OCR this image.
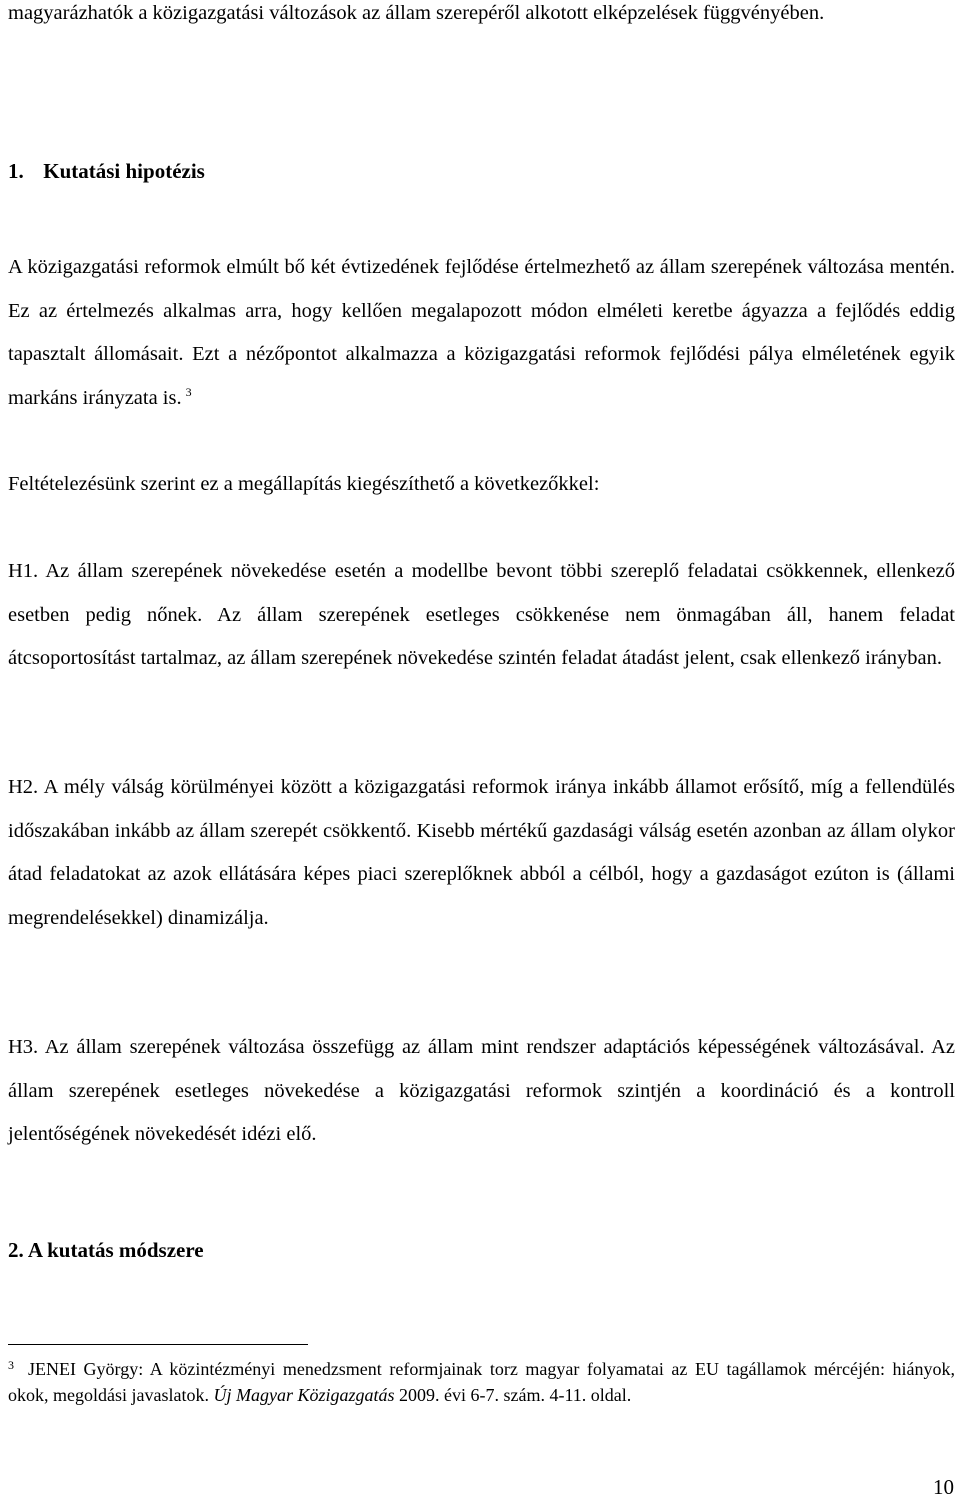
magyarázhatók a közigazgatási változások az állam szerepéről alkotott elképzelések függvényében.

1. Kutatási hipotézis

A közigazgatási reformok elmúlt bő két évtizedének fejlődése értelmezhető az állam szerepének változása mentén. Ez az értelmezés alkalmas arra, hogy kellően megalapozott módon elméleti keretbe ágyazza a fejlődés eddig tapasztalt állomásait. Ezt a nézőpontot alkalmazza a közigazgatási reformok fejlődési pálya elméletének egyik markáns irányzata is. $^3$

Feltételezésünk szerint ez a megállapítás kiegészíthető a következőkkel:

H1. Az állam szerepének növekedése esetén a modellbe bevont többi szereplő feladatai csökkennek, ellenkező esetben pedig nőnek. Az állam szerepének esetleges csökkenése nem önmagában áll, hanem feladat átcsoportosítást tartalmaz, az állam szerepének növekedése szintén feladat átadást jelent, csak ellenkező irányban.

H2. A mély válság körülményei között a közigazgatási reformok iránya inkább államot erősítő, míg a fellendülés időszakában inkább az állam szerepét csökkentő. Kisebb mértékű gazdasági válság esetén azonban az állam olykor átad feladatokat az azok ellátására képes piaci szereplőknek abból a célból, hogy a gazdaságot ezúton is (állami megrendelésekkel) dinamizálja.

H3. Az állam szerepének változása összefügg az állam mint rendszer adaptációs képességének változásával. Az állam szerepének esetleges növekedése a közigazgatási reformok szintjén a koordináció és a kontroll jelentőségének növekedését idézi elő.

2. A kutatás módszere

$^3$ JENEI György: A közintézményi menedzsment reformjainak torz magyar folyamatai az EU tagállamok mércéjén: hiányok, okok, megoldási javaslatok. Új Magyar Közigazgatás 2009. évi 6-7. szám. 4-11. oldal.

10
